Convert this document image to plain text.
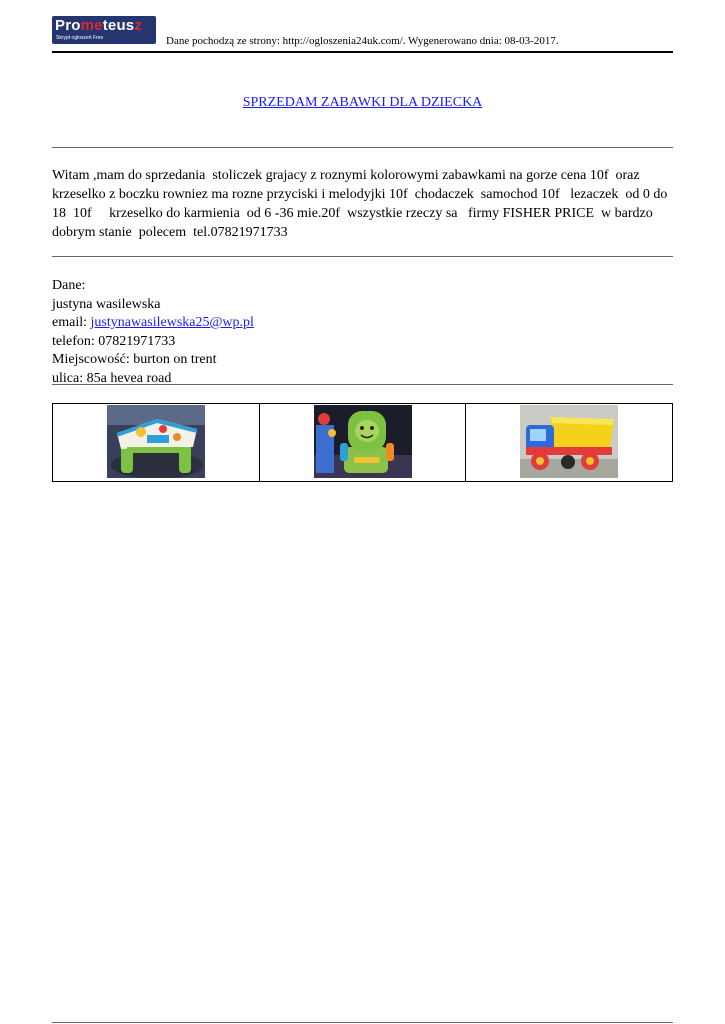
Prometeusz
Skrypt ogłoszeń Free	Dane pochodzą ze strony: http://ogloszenia24uk.com/. Wygenerowano dnia: 08-03-2017.
SPRZEDAM ZABAWKI DLA DZIECKA

Witam ,mam do sprzedania  stoliczek grajacy z roznymi kolorowymi zabawkami na gorze cena 10f  oraz krzeselko z boczku rowniez ma rozne przyciski i melodyjki 10f  chodaczek  samochod 10f   lezaczek  od 0 do 18  10f     krzeselko do karmienia  od 6 -36 mie.20f  wszystkie rzeczy sa   firmy FISHER PRICE  w bardzo dobrym stanie  polecem  tel.07821971733

Dane:
justyna wasilewska
email: justynawasilewska25@wp.pl
telefon: 07821971733
Miejscowość: burton on trent
ulica: 85a hevea road
